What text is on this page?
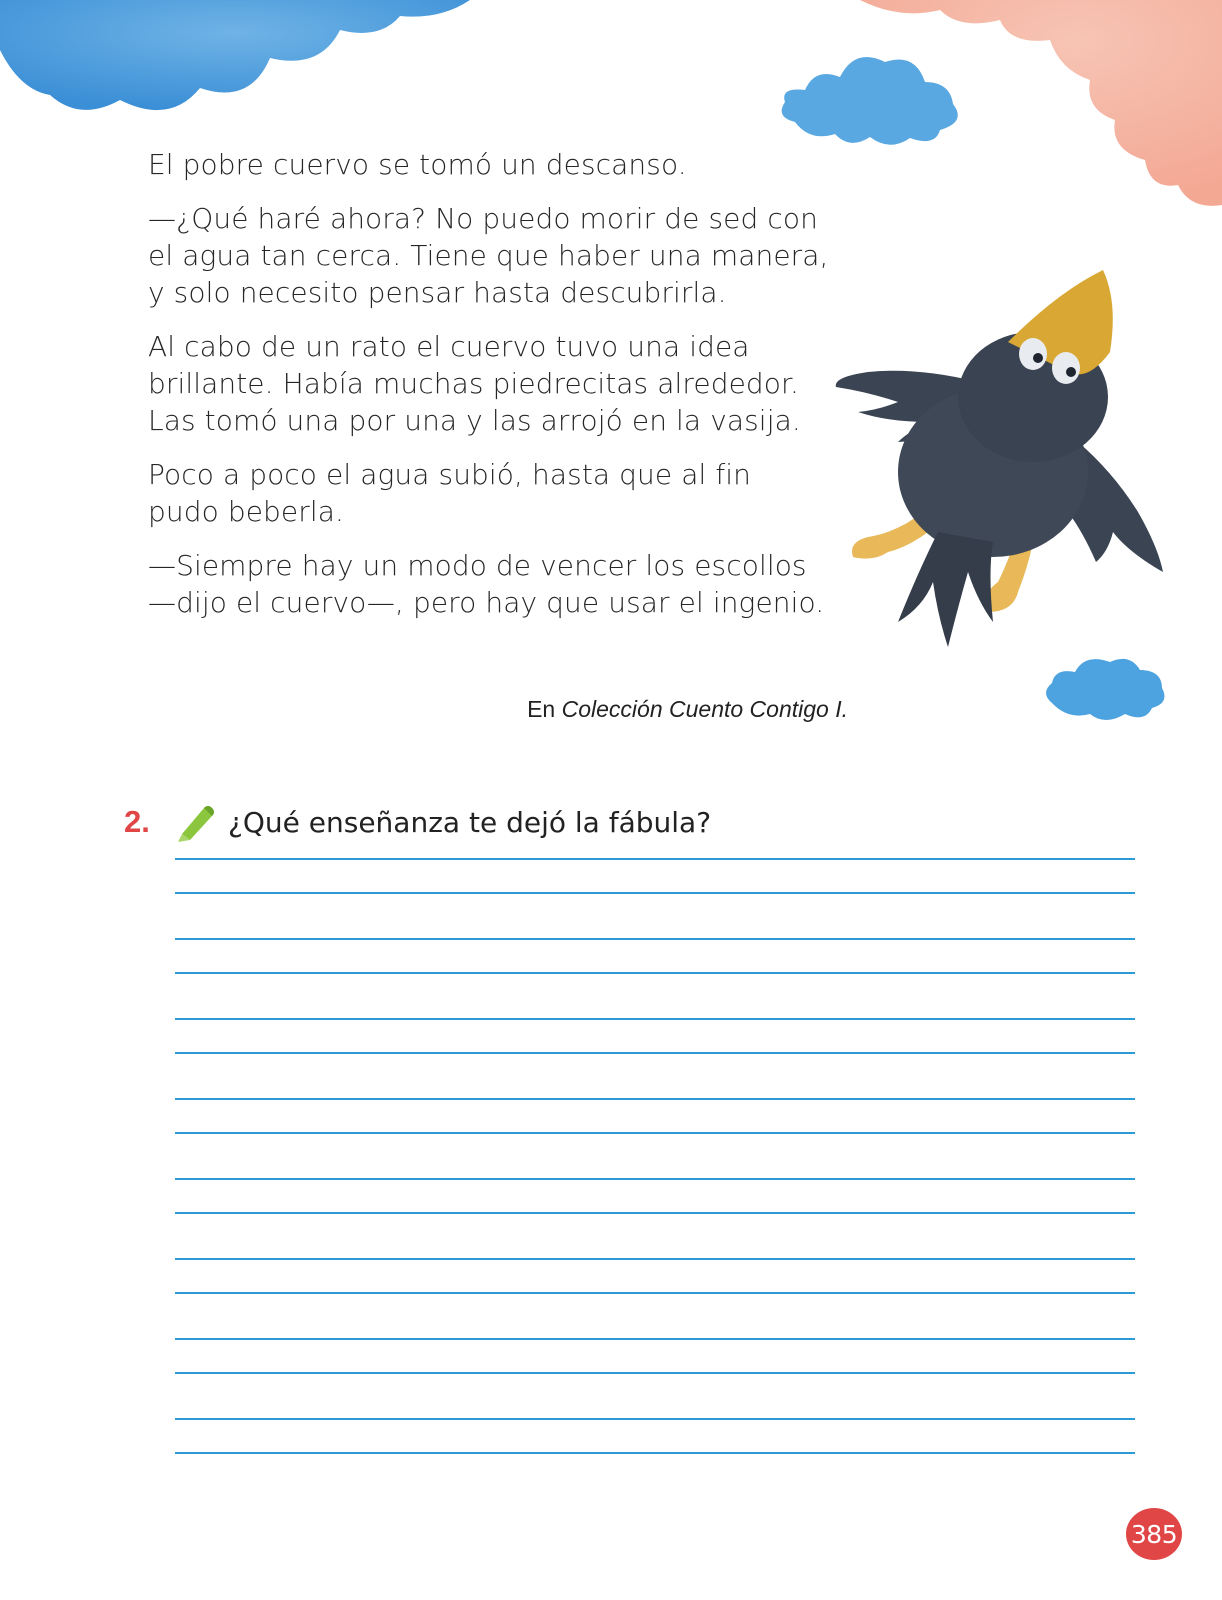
El pobre cuervo se tomó un descanso.

—¿Qué haré ahora? No puedo morir de sed con
el agua tan cerca. Tiene que haber una manera,
y solo necesito pensar hasta descubrirla.

Al cabo de un rato el cuervo tuvo una idea
brillante. Había muchas piedrecitas alrededor.
Las tomó una por una y las arrojó en la vasija.

Poco a poco el agua subió, hasta que al fin
pudo beberla.

—Siempre hay un modo de vencer los escollos
—dijo el cuervo—, pero hay que usar el ingenio.

En Colección Cuento Contigo I.
2.	¿Qué enseñanza te dejó la fábula?
385
